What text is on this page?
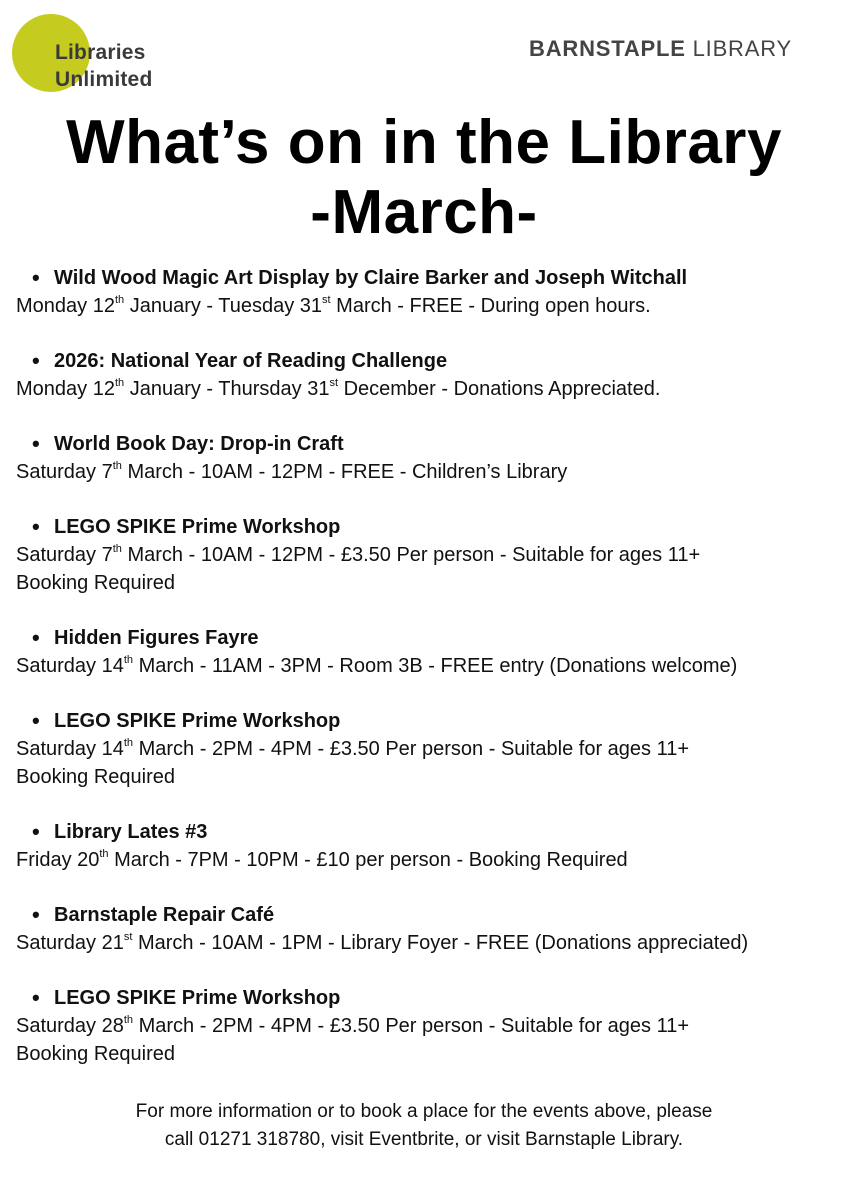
Libraries
Unlimited
BARNSTAPLE LIBRARY
What’s on in the Library
-March-
• Wild Wood Magic Art Display by Claire Barker and Joseph Witchall
Monday 12th January - Tuesday 31st March - FREE - During open hours.
• 2026: National Year of Reading Challenge
Monday 12th January - Thursday 31st December - Donations Appreciated.
• World Book Day: Drop-in Craft
Saturday 7th March - 10AM - 12PM - FREE - Children’s Library
• LEGO SPIKE Prime Workshop
Saturday 7th March - 10AM - 12PM - £3.50 Per person - Suitable for ages 11+
Booking Required
• Hidden Figures Fayre
Saturday 14th March - 11AM - 3PM - Room 3B - FREE entry (Donations welcome)
• LEGO SPIKE Prime Workshop
Saturday 14th March - 2PM - 4PM - £3.50 Per person - Suitable for ages 11+
Booking Required
• Library Lates #3
Friday 20th March - 7PM - 10PM - £10 per person - Booking Required
• Barnstaple Repair Café
Saturday 21st March - 10AM - 1PM - Library Foyer - FREE (Donations appreciated)
• LEGO SPIKE Prime Workshop
Saturday 28th March - 2PM - 4PM - £3.50 Per person - Suitable for ages 11+
Booking Required
For more information or to book a place for the events above, please
call 01271 318780, visit Eventbrite, or visit Barnstaple Library.
